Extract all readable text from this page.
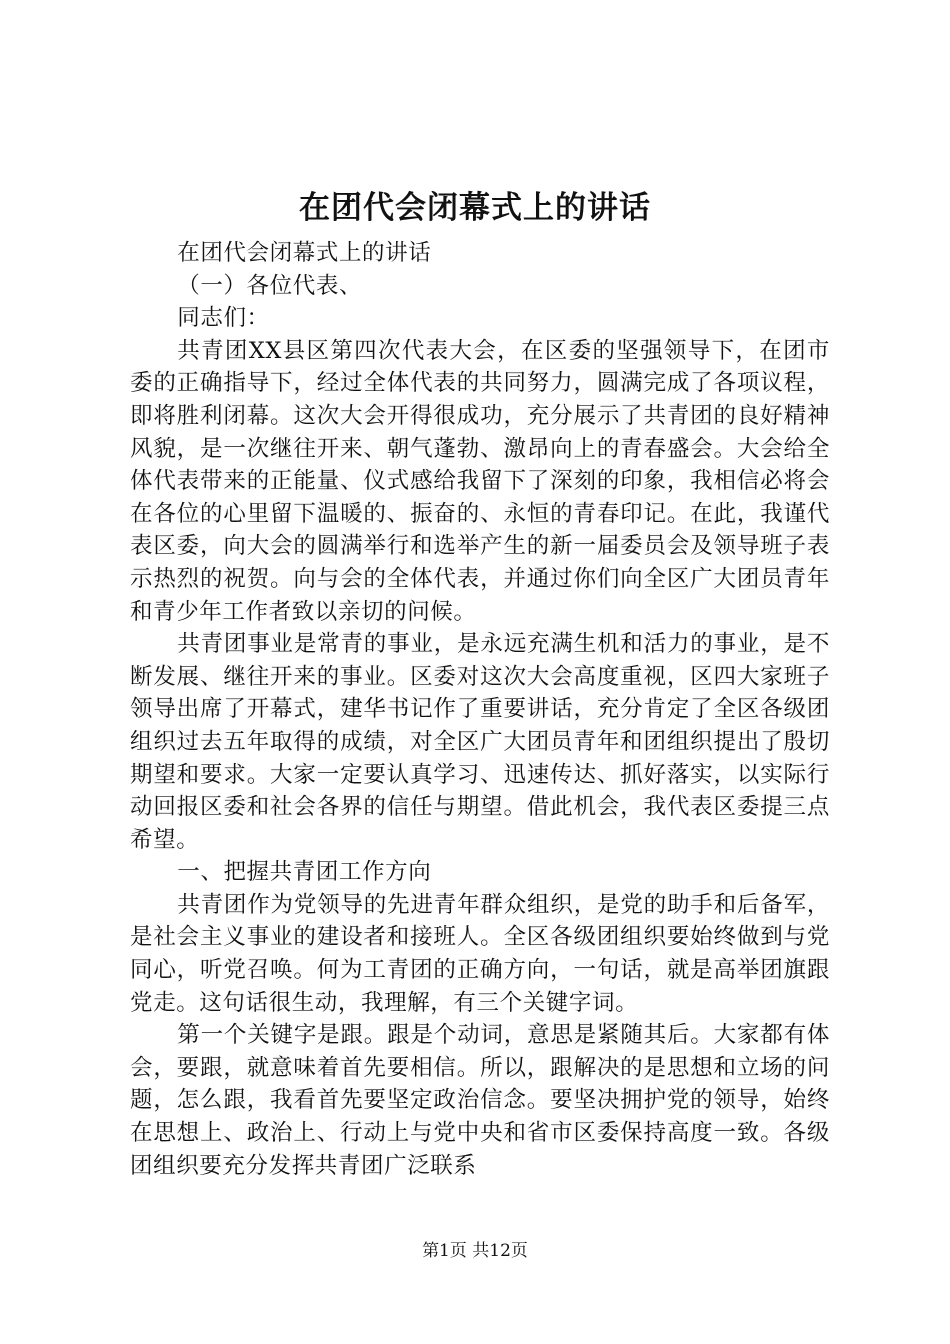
在团代会闭幕式上的讲话

在团代会闭幕式上的讲话

（一）各位代表、

同志们：

共青团XX县区第四次代表大会，在区委的坚强领导下，在团市委的正确指导下，经过全体代表的共同努力，圆满完成了各项议程，即将胜利闭幕。这次大会开得很成功，充分展示了共青团的良好精神风貌，是一次继往开来、朝气蓬勃、激昂向上的青春盛会。大会给全体代表带来的正能量、仪式感给我留下了深刻的印象，我相信必将会在各位的心里留下温暖的、振奋的、永恒的青春印记。在此，我谨代表区委，向大会的圆满举行和选举产生的新一届委员会及领导班子表示热烈的祝贺。向与会的全体代表，并通过你们向全区广大团员青年和青少年工作者致以亲切的问候。

共青团事业是常青的事业，是永远充满生机和活力的事业，是不断发展、继往开来的事业。区委对这次大会高度重视，区四大家班子领导出席了开幕式，建华书记作了重要讲话，充分肯定了全区各级团组织过去五年取得的成绩，对全区广大团员青年和团组织提出了殷切期望和要求。大家一定要认真学习、迅速传达、抓好落实，以实际行动回报区委和社会各界的信任与期望。借此机会，我代表区委提三点希望。

一、把握共青团工作方向

共青团作为党领导的先进青年群众组织，是党的助手和后备军，是社会主义事业的建设者和接班人。全区各级团组织要始终做到与党同心，听党召唤。何为工青团的正确方向，一句话，就是高举团旗跟党走。这句话很生动，我理解，有三个关键字词。

第一个关键字是跟。跟是个动词，意思是紧随其后。大家都有体会，要跟，就意味着首先要相信。所以，跟解决的是思想和立场的问题，怎么跟，我看首先要坚定政治信念。要坚决拥护党的领导，始终在思想上、政治上、行动上与党中央和省市区委保持高度一致。各级团组织要充分发挥共青团广泛联系

第1页 共12页
